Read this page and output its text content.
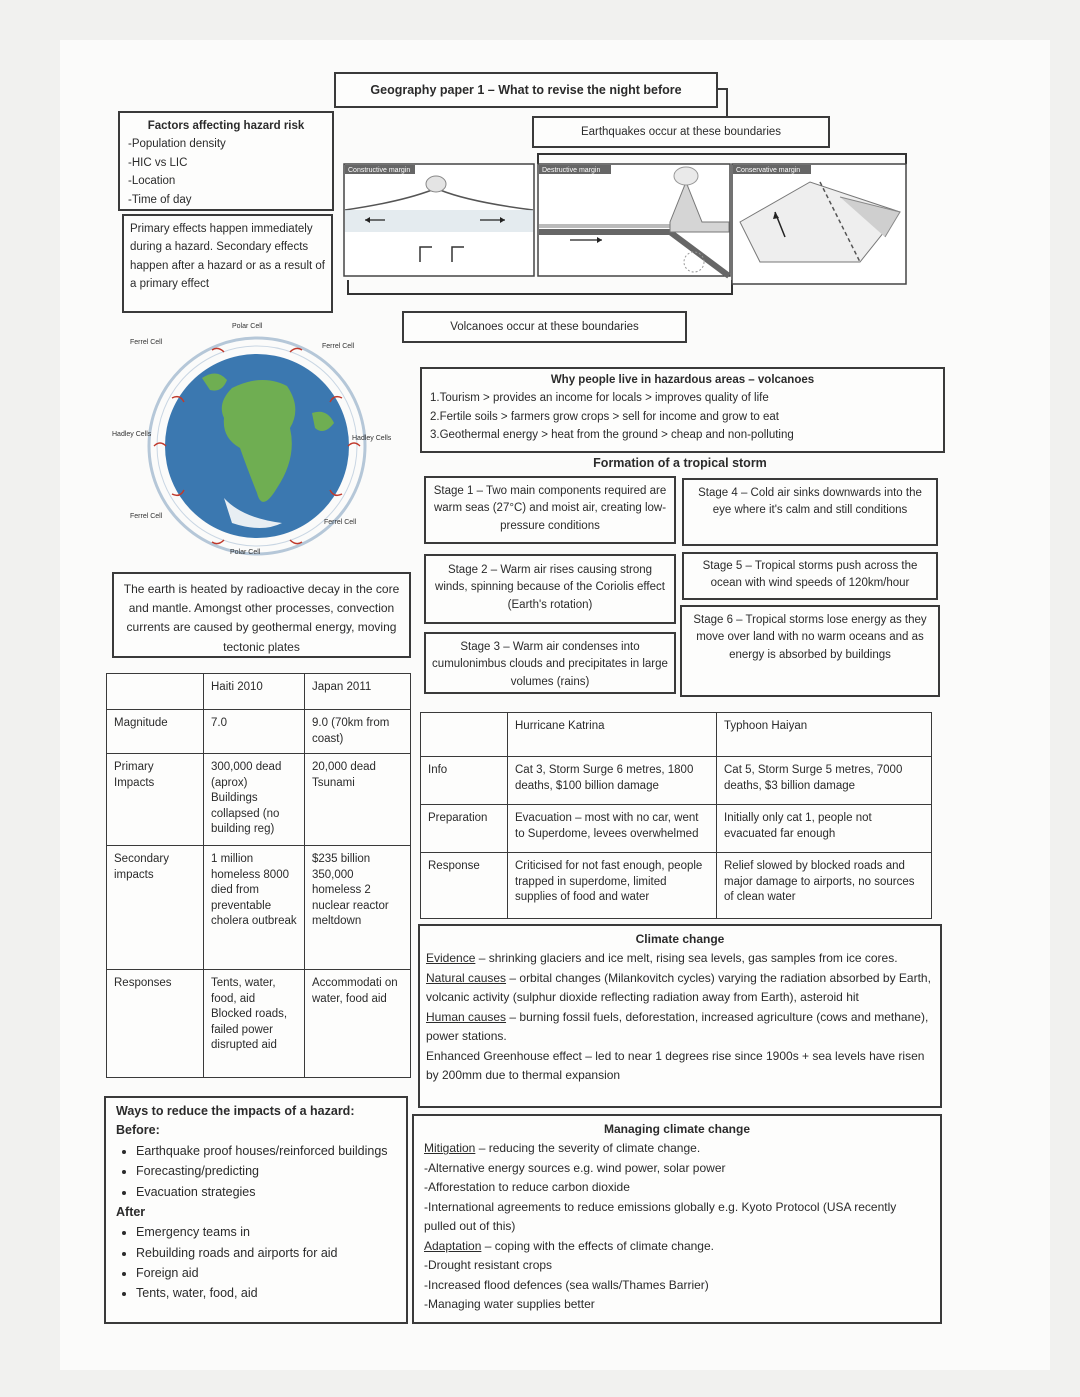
Geography paper 1 – What to revise the night before
Factors affecting hazard risk
-Population density
-HIC vs LIC
-Location
-Time of day
Primary effects happen immediately during a hazard. Secondary effects happen after a hazard or as a result of a primary effect
Earthquakes occur at these boundaries
Constructive margin	Destructive margin	Conservative margin
Volcanoes occur at these boundaries
Polar Cell
Polar Cell
Ferrel Cell
Ferrel Cell
Ferrel Cell
Ferrel Cell
Hadley Cells
Hadley Cells
The earth is heated by radioactive decay in the core and mantle. Amongst other processes, convection currents are caused by geothermal energy, moving tectonic plates
Why people live in hazardous areas – volcanoes
1.Tourism > provides an income for locals > improves quality of life
2.Fertile soils > farmers grow crops > sell for income and grow to eat
3.Geothermal energy > heat from the ground > cheap and non-polluting
Formation of a tropical storm
Stage 1 – Two main components required are warm seas (27°C) and moist air, creating low-pressure conditions
Stage 2 – Warm air rises causing strong winds, spinning because of the Coriolis effect (Earth's rotation)
Stage 3 – Warm air condenses into cumulonimbus clouds and precipitates in large volumes (rains)
Stage 4 – Cold air sinks downwards into the eye where it's calm and still conditions
Stage 5 – Tropical storms push across the ocean with wind speeds of 120km/hour
Stage 6 – Tropical storms lose energy as they move over land with no warm oceans and as energy is absorbed by buildings
	Haiti 2010	Japan 2011
Magnitude	7.0	9.0 (70km from coast)
Primary Impacts	300,000 dead (aprox) Buildings collapsed (no building reg)	20,000 dead Tsunami
Secondary impacts	1 million homeless 8000 died from preventable cholera outbreak	$235 billion 350,000 homeless 2 nuclear reactor meltdown
Responses	Tents, water, food, aid Blocked roads, failed power disrupted aid	Accommodati on water, food aid
	Hurricane Katrina	Typhoon Haiyan
Info	Cat 3, Storm Surge 6 metres, 1800 deaths, $100 billion damage	Cat 5, Storm Surge 5 metres, 7000 deaths, $3 billion damage
Preparation	Evacuation – most with no car, went to Superdome, levees overwhelmed	Initially only cat 1, people not evacuated far enough
Response	Criticised for not fast enough, people trapped in superdome, limited supplies of food and water	Relief slowed by blocked roads and major damage to airports, no sources of clean water
Climate change
Evidence – shrinking glaciers and ice melt, rising sea levels, gas samples from ice cores.
Natural causes – orbital changes (Milankovitch cycles) varying the radiation absorbed by Earth, volcanic activity (sulphur dioxide reflecting radiation away from Earth), asteroid hit
Human causes – burning fossil fuels, deforestation, increased agriculture (cows and methane), power stations.
Enhanced Greenhouse effect – led to near 1 degrees rise since 1900s + sea levels have risen by 200mm due to thermal expansion
Ways to reduce the impacts of a hazard:
Before:
• Earthquake proof houses/reinforced buildings
• Forecasting/predicting
• Evacuation strategies
After
• Emergency teams in
• Rebuilding roads and airports for aid
• Foreign aid
• Tents, water, food, aid
Managing climate change
Mitigation – reducing the severity of climate change.
-Alternative energy sources e.g. wind power, solar power
-Afforestation to reduce carbon dioxide
-International agreements to reduce emissions globally e.g. Kyoto Protocol (USA recently pulled out of this)
Adaptation – coping with the effects of climate change.
-Drought resistant crops
-Increased flood defences (sea walls/Thames Barrier)
-Managing water supplies better
